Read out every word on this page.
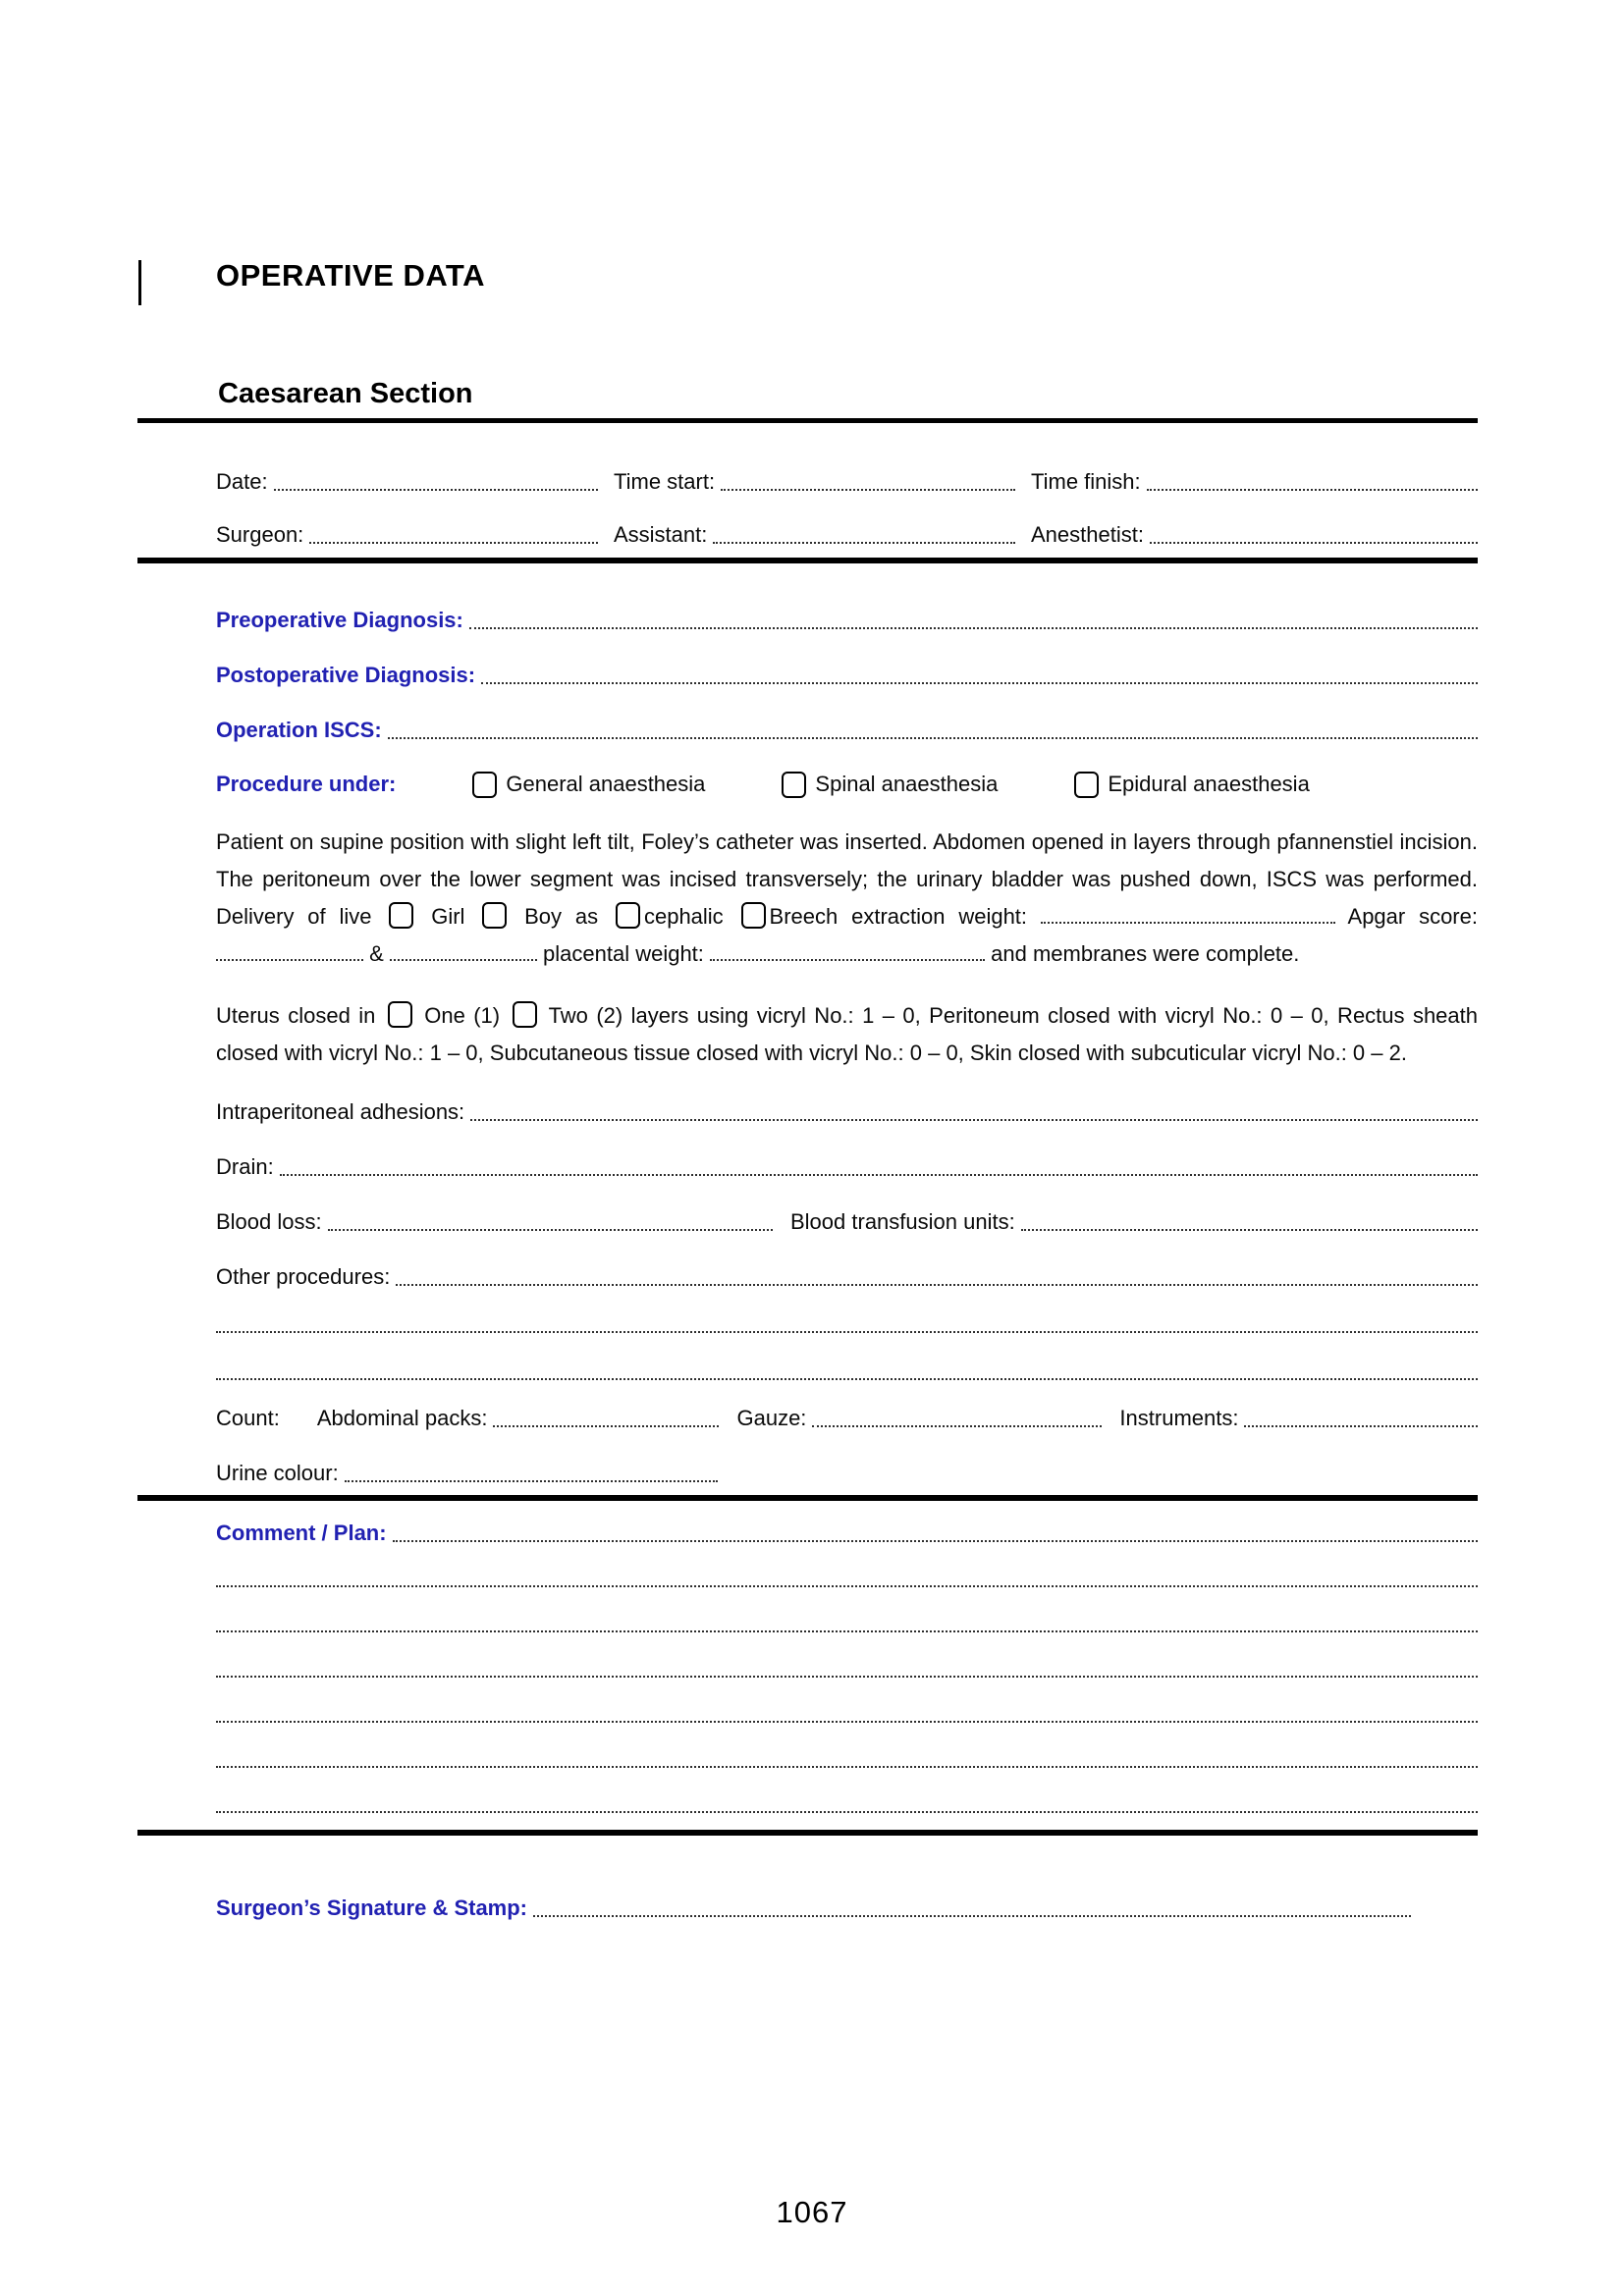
OPERATIVE DATA
Caesarean Section
Date:	Time start:	Time finish:
Surgeon:	Assistant:	Anesthetist:
Preoperative Diagnosis:
Postoperative Diagnosis:
Operation ISCS:
Procedure under:	General anaesthesia	Spinal anaesthesia	Epidural anaesthesia

Patient on supine position with slight left tilt, Foley’s catheter was inserted. Abdomen opened in layers through pfannenstiel incision. The peritoneum over the lower segment was incised transversely; the urinary bladder was pushed down, ISCS was performed. Delivery of live  Girl  Boy as cephalic Breech extraction weight:	Apgar score:  &	placental weight:	and membranes were complete.

Uterus closed in  One (1)  Two (2) layers using vicryl No.: 1 – 0, Peritoneum closed with vicryl No.: 0 – 0, Rectus sheath closed with vicryl No.: 1 – 0, Subcutaneous tissue closed with vicryl No.: 0 – 0, Skin closed with subcuticular vicryl No.: 0 – 2.

Intraperitoneal adhesions:
Drain:
Blood loss:	Blood transfusion units:
Other procedures:
Count: Abdominal packs:	Gauze:	Instruments:
Urine colour:
Comment / Plan:
Surgeon’s Signature & Stamp:
1067
